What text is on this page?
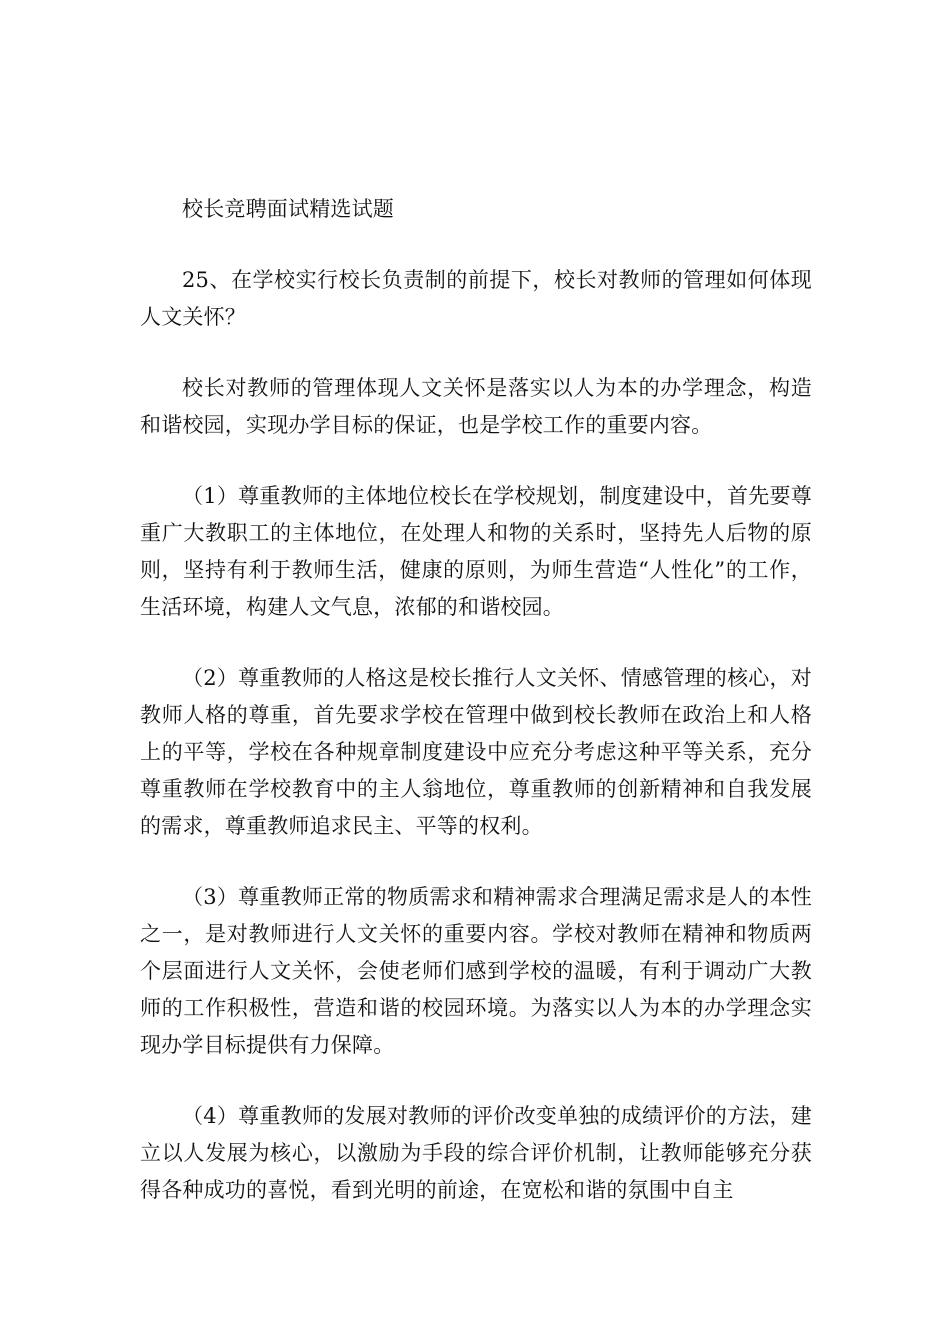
校长竞聘面试精选试题

25、在学校实行校长负责制的前提下，校长对教师的管理如何体现人文关怀？

校长对教师的管理体现人文关怀是落实以人为本的办学理念，构造和谐校园，实现办学目标的保证，也是学校工作的重要内容。

（1）尊重教师的主体地位校长在学校规划，制度建设中，首先要尊重广大教职工的主体地位，在处理人和物的关系时，坚持先人后物的原则，坚持有利于教师生活，健康的原则，为师生营造“人性化”的工作，生活环境，构建人文气息，浓郁的和谐校园。

（2）尊重教师的人格这是校长推行人文关怀、情感管理的核心，对教师人格的尊重，首先要求学校在管理中做到校长教师在政治上和人格上的平等，学校在各种规章制度建设中应充分考虑这种平等关系，充分尊重教师在学校教育中的主人翁地位，尊重教师的创新精神和自我发展的需求，尊重教师追求民主、平等的权利。

（3）尊重教师正常的物质需求和精神需求合理满足需求是人的本性之一，是对教师进行人文关怀的重要内容。学校对教师在精神和物质两个层面进行人文关怀，会使老师们感到学校的温暖，有利于调动广大教师的工作积极性，营造和谐的校园环境。为落实以人为本的办学理念实现办学目标提供有力保障。

（4）尊重教师的发展对教师的评价改变单独的成绩评价的方法，建立以人发展为核心，以激励为手段的综合评价机制，让教师能够充分获得各种成功的喜悦，看到光明的前途，在宽松和谐的氛围中自主
